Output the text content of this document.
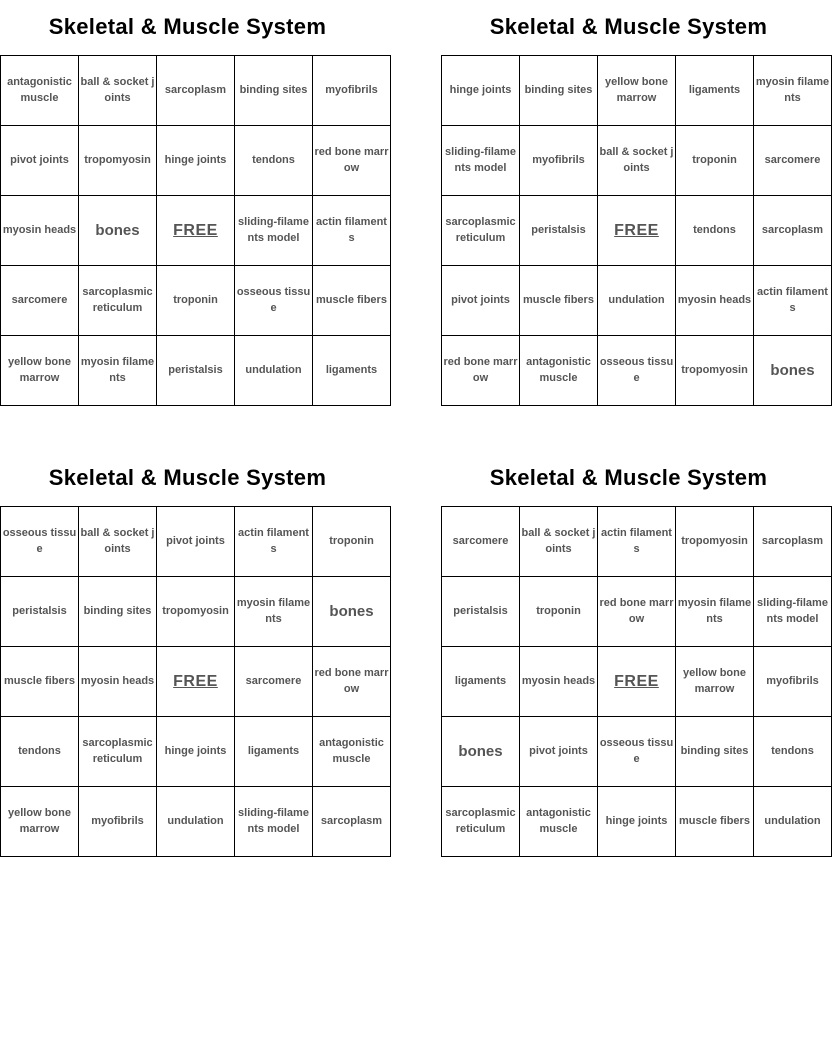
Skeletal & Muscle System
antagonistic muscle	ball & socket joints	sarcoplasm	binding sites	myofibrils
pivot joints	tropomyosin	hinge joints	tendons	red bone marrow
myosin heads	bones	FREE	sliding-filaments model	actin filaments
sarcomere	sarcoplasmic reticulum	troponin	osseous tissue	muscle fibers
yellow bone marrow	myosin filaments	peristalsis	undulation	ligaments
Skeletal & Muscle System
hinge joints	binding sites	yellow bone marrow	ligaments	myosin filaments
sliding-filaments model	myofibrils	ball & socket joints	troponin	sarcomere
sarcoplasmic reticulum	peristalsis	FREE	tendons	sarcoplasm
pivot joints	muscle fibers	undulation	myosin heads	actin filaments
red bone marrow	antagonistic muscle	osseous tissue	tropomyosin	bones
Skeletal & Muscle System
osseous tissue	ball & socket joints	pivot joints	actin filaments	troponin
peristalsis	binding sites	tropomyosin	myosin filaments	bones
muscle fibers	myosin heads	FREE	sarcomere	red bone marrow
tendons	sarcoplasmic reticulum	hinge joints	ligaments	antagonistic muscle
yellow bone marrow	myofibrils	undulation	sliding-filaments model	sarcoplasm
Skeletal & Muscle System
sarcomere	ball & socket joints	actin filaments	tropomyosin	sarcoplasm
peristalsis	troponin	red bone marrow	myosin filaments	sliding-filaments model
ligaments	myosin heads	FREE	yellow bone marrow	myofibrils
bones	pivot joints	osseous tissue	binding sites	tendons
sarcoplasmic reticulum	antagonistic muscle	hinge joints	muscle fibers	undulation
